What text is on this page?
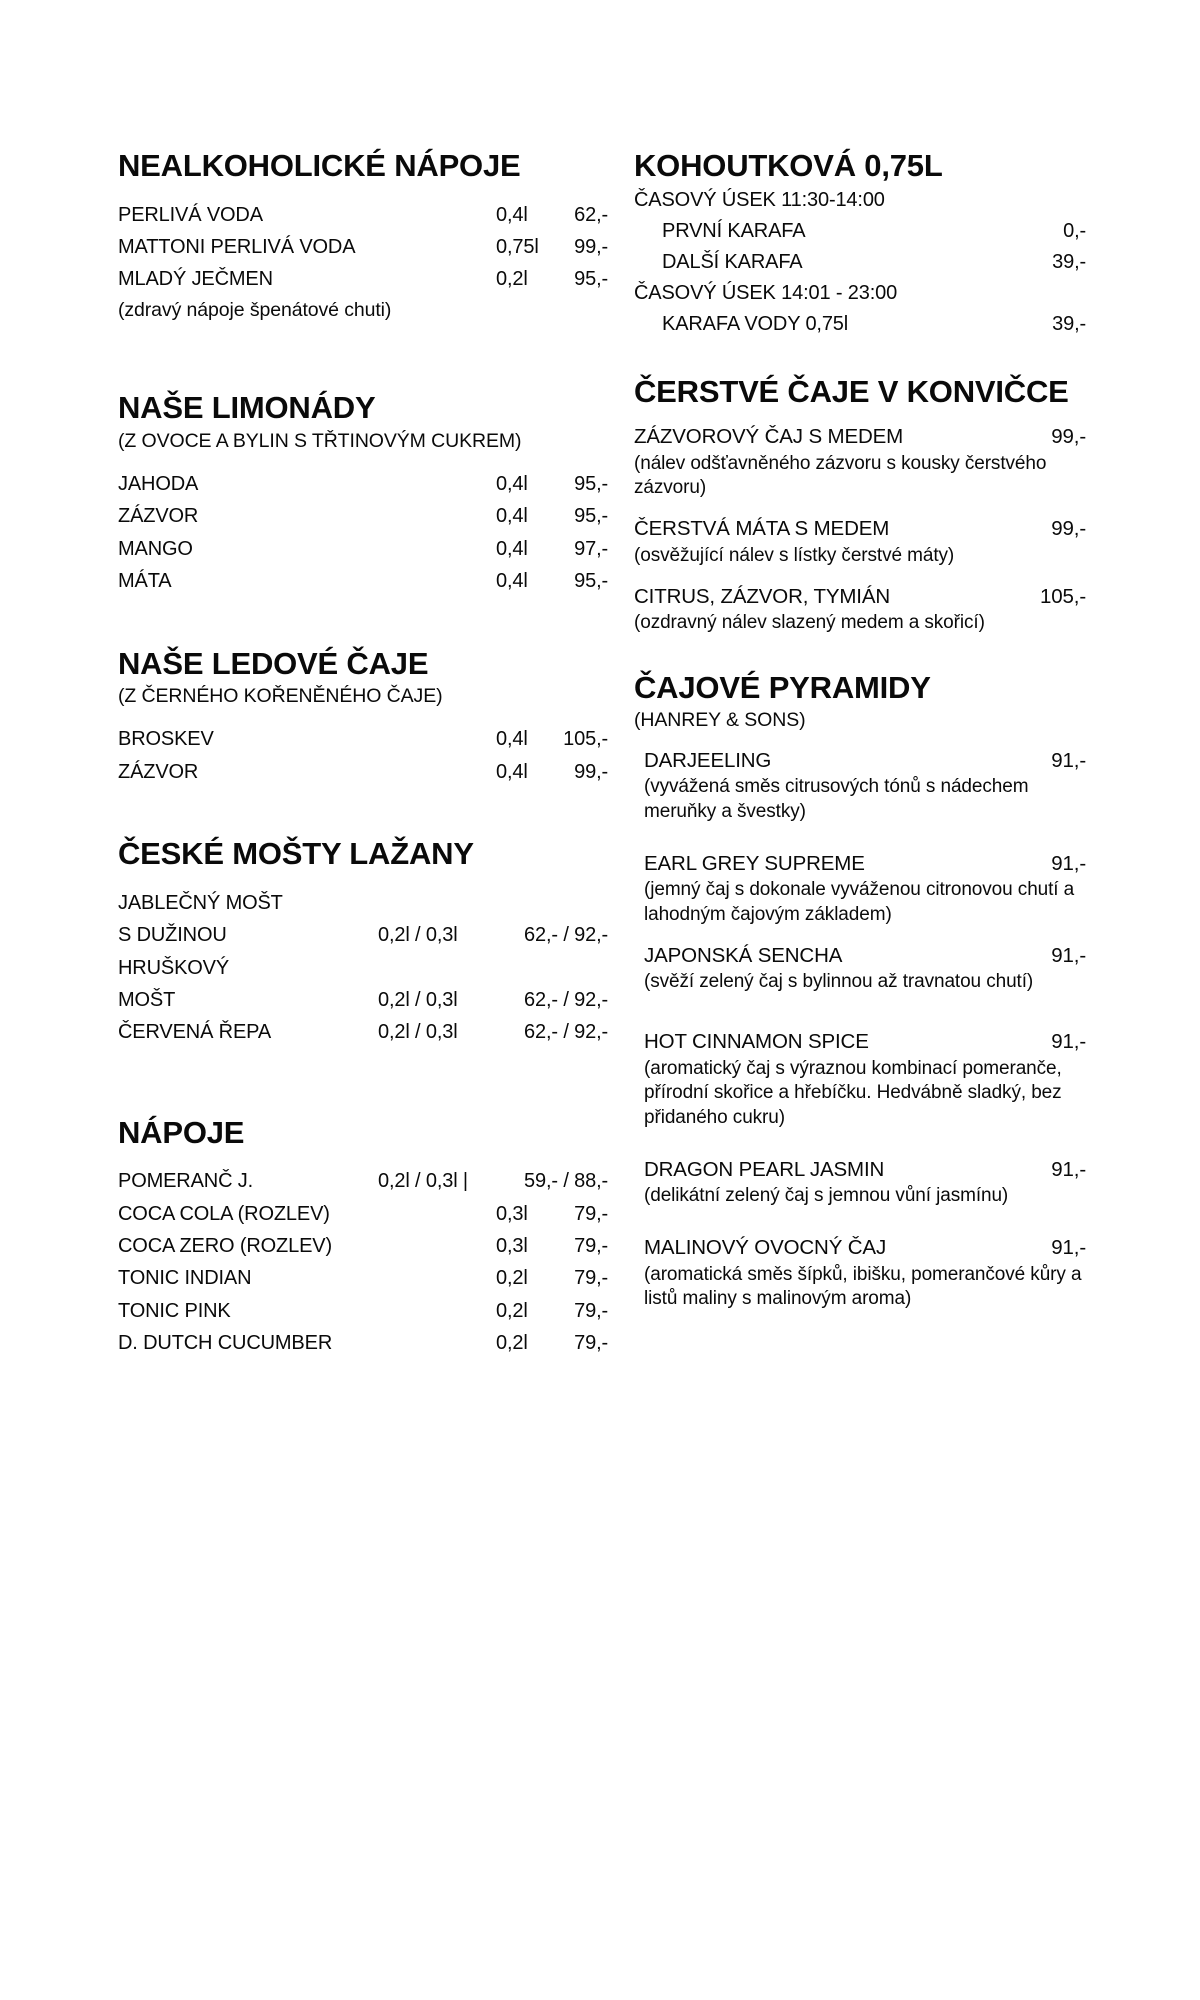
NEALKOHOLICKÉ NÁPOJE
PERLIVÁ VODA	0,4l	62,-
MATTONI PERLIVÁ VODA	0,75l	99,-
MLADÝ JEČMEN	0,2l	95,-
(zdravý nápoje špenátové chuti)
NAŠE LIMONÁDY
(Z OVOCE A BYLIN S TŘTINOVÝM CUKREM)
JAHODA	0,4l	95,-
ZÁZVOR	0,4l	95,-
MANGO	0,4l	97,-
MÁTA	0,4l	95,-
NAŠE LEDOVÉ ČAJE
(Z ČERNÉHO KOŘENĚNÉHO ČAJE)
BROSKEV	0,4l	105,-
ZÁZVOR	0,4l	99,-
ČESKÉ MOŠTY LAŽANY
JABLEČNÝ MOŠT
S DUŽINOU	0,2l / 0,3l	62,- / 92,-
HRUŠKOVÝ
MOŠT	0,2l / 0,3l	62,- / 92,-
ČERVENÁ ŘEPA	0,2l / 0,3l	62,- / 92,-
NÁPOJE
POMERANČ J.	0,2l / 0,3l |	59,- / 88,-
COCA COLA (ROZLEV)	0,3l	79,-
COCA ZERO (ROZLEV)	0,3l	79,-
TONIC INDIAN	0,2l	79,-
TONIC PINK	0,2l	79,-
D. DUTCH CUCUMBER	0,2l	79,-
KOHOUTKOVÁ 0,75L
ČASOVÝ ÚSEK 11:30-14:00
PRVNÍ KARAFA	0,-
DALŠÍ KARAFA	39,-
ČASOVÝ ÚSEK 14:01 - 23:00
KARAFA VODY 0,75l	39,-
ČERSTVÉ ČAJE V KONVIČCE
ZÁZVOROVÝ ČAJ S MEDEM	99,-
(nálev odšťavněného zázvoru s kousky čerstvého zázvoru)
ČERSTVÁ MÁTA S MEDEM	99,-
(osvěžující nálev s lístky čerstvé máty)
CITRUS, ZÁZVOR, TYMIÁN	105,-
(ozdravný nálev slazený medem a skořicí)
ČAJOVÉ PYRAMIDY
(HANREY & SONS)
DARJEELING	91,-
(vyvážená směs citrusových tónů s nádechem meruňky a švestky)
EARL GREY SUPREME	91,-
(jemný čaj s dokonale vyváženou citronovou chutí a lahodným čajovým základem)
JAPONSKÁ SENCHA	91,-
(svěží zelený čaj s bylinnou až travnatou chutí)
HOT CINNAMON SPICE	91,-
(aromatický čaj s výraznou kombinací pomeranče, přírodní skořice a hřebíčku. Hedvábně sladký, bez přidaného cukru)
DRAGON PEARL JASMIN	91,-
(delikátní zelený čaj s jemnou vůní jasmínu)
MALINOVÝ OVOCNÝ ČAJ	91,-
(aromatická směs šípků, ibišku, pomerančové kůry a listů maliny s malinovým aroma)
